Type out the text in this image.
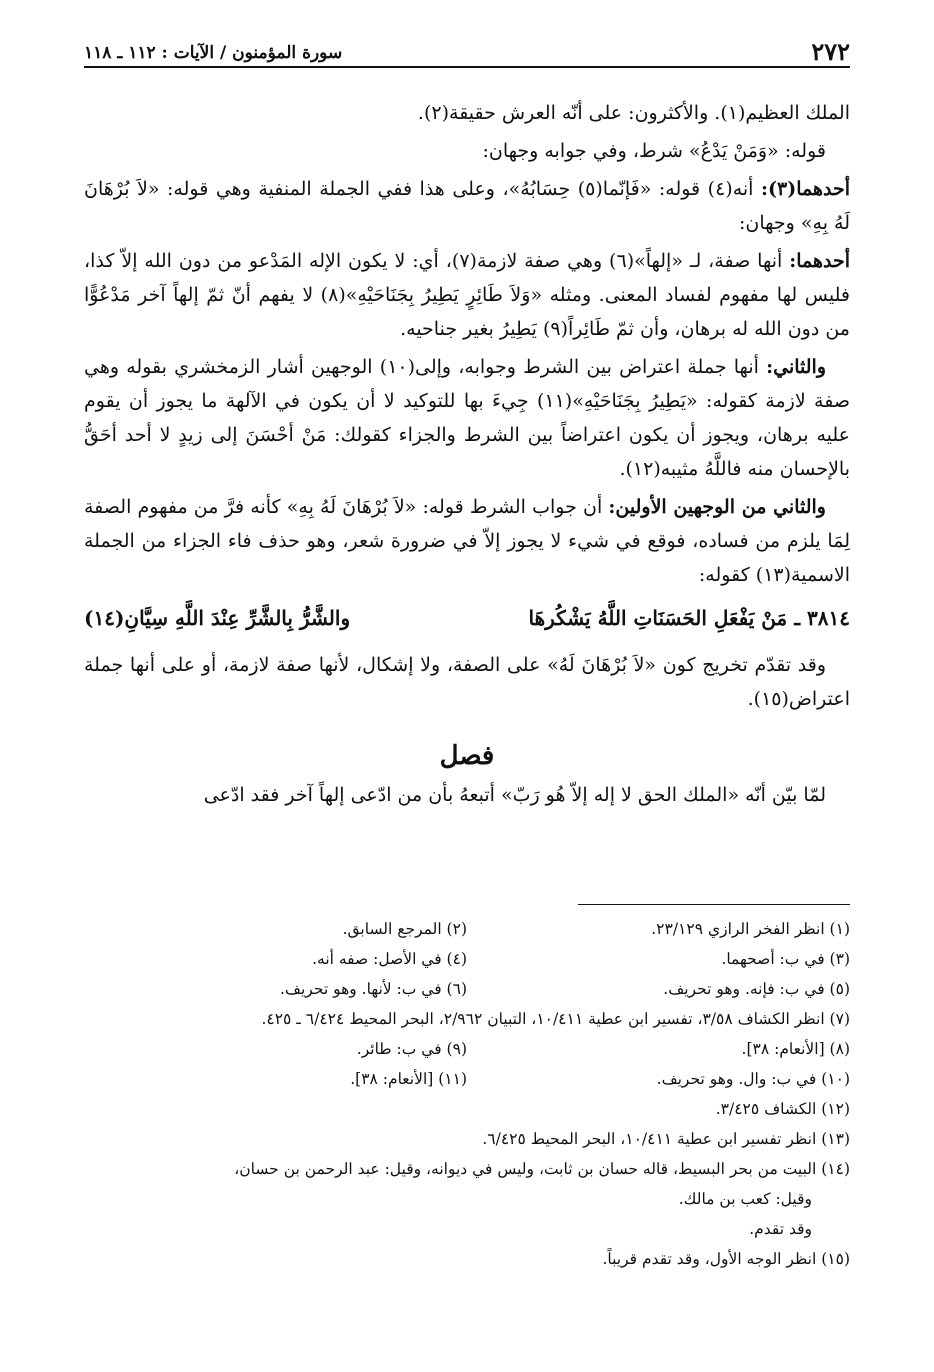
٢٧٢
سورة المؤمنون / الآيات : ١١٢ ـ ١١٨

الملك العظيم(١). والأكثرون: على أنّه العرش حقيقة(٢).

قوله: «وَمَنْ يَدْعُ» شرط، وفي جوابه وجهان:

أحدهما(٣): أنه(٤) قوله: «فَإنّما(٥) حِسَابُهُ»، وعلى هذا ففي الجملة المنفية وهي قوله: «لاَ بُرْهَانَ لَهُ بِهِ» وجهان:

أحدهما: أنها صفة، لـ «إلهاً»(٦) وهي صفة لازمة(٧)، أي: لا يكون الإله المَدْعو من دون الله إلاّ كذا، فليس لها مفهوم لفساد المعنى. ومثله «وَلاَ طَائِرٍ يَطِيرُ بِجَنَاحَيْهِ»(٨) لا يفهم أنّ ثمّ إلهاً آخر مَدْعُوًّا من دون الله له برهان، وأن ثمّ طَائِراً(٩) يَطِيرُ بغير جناحيه.

والثاني: أنها جملة اعتراض بين الشرط وجوابه، وإلى(١٠) الوجهين أشار الزمخشري بقوله وهي صفة لازمة كقوله: «يَطِيرُ بِجَنَاحَيْهِ»(١١) جِيءَ بها للتوكيد لا أن يكون في الآلهة ما يجوز أن يقوم عليه برهان، ويجوز أن يكون اعتراضاً بين الشرط والجزاء كقولك: مَنْ أحْسَنَ إلى زيدٍ لا أحد أحَقُّ بالإحسان منه فاللَّهُ مثيبه(١٢).

والثاني من الوجهين الأولين: أن جواب الشرط قوله: «لاَ بُرْهَانَ لَهُ بِهِ» كأنه فرَّ من مفهوم الصفة لِمَا يلزم من فساده، فوقع في شيء لا يجوز إلاّ في ضرورة شعر، وهو حذف فاء الجزاء من الجملة الاسمية(١٣) كقوله:

٣٨١٤ ـ مَنْ يَفْعَلِ الحَسَنَاتِ اللَّهُ يَشْكُرهَا
والشَّرُّ بِالشَّرِّ عِنْدَ اللَّهِ سِيَّانِ(١٤)

وقد تقدّم تخريج كون «لاَ بُرْهَانَ لَهُ» على الصفة، ولا إشكال، لأنها صفة لازمة، أو على أنها جملة اعتراض(١٥).

فصل

لمّا بيّن أنّه «الملك الحق لا إله إلاّ هُو رَبّ» أتبعهُ بأن من ادّعى إلهاً آخر فقد ادّعى

(١) انظر الفخر الرازي ٢٣/١٢٩.
(٢) المرجع السابق.
(٣) في ب: أصحهما.
(٤) في الأصل: صفه أنه.
(٥) في ب: فإنه. وهو تحريف.
(٦) في ب: لأنها. وهو تحريف.
(٧) انظر الكشاف ٣/٥٨، تفسير ابن عطية ١٠/٤١١، التبيان ٢/٩٦٢، البحر المحيط ٦/٤٢٤ ـ ٤٢٥.
(٨) [الأنعام: ٣٨].
(٩) في ب: طائر.
(١٠) في ب: وال. وهو تحريف.
(١١) [الأنعام: ٣٨].
(١٢) الكشاف ٣/٤٢٥.
(١٣) انظر تفسير ابن عطية ١٠/٤١١، البحر المحيط ٦/٤٢٥.
(١٤) البيت من بحر البسيط، قاله حسان بن ثابت، وليس في ديوانه، وقيل: عبد الرحمن بن حسان،
وقيل: كعب بن مالك.
وقد تقدم.
(١٥) انظر الوجه الأول، وقد تقدم قريباً.
